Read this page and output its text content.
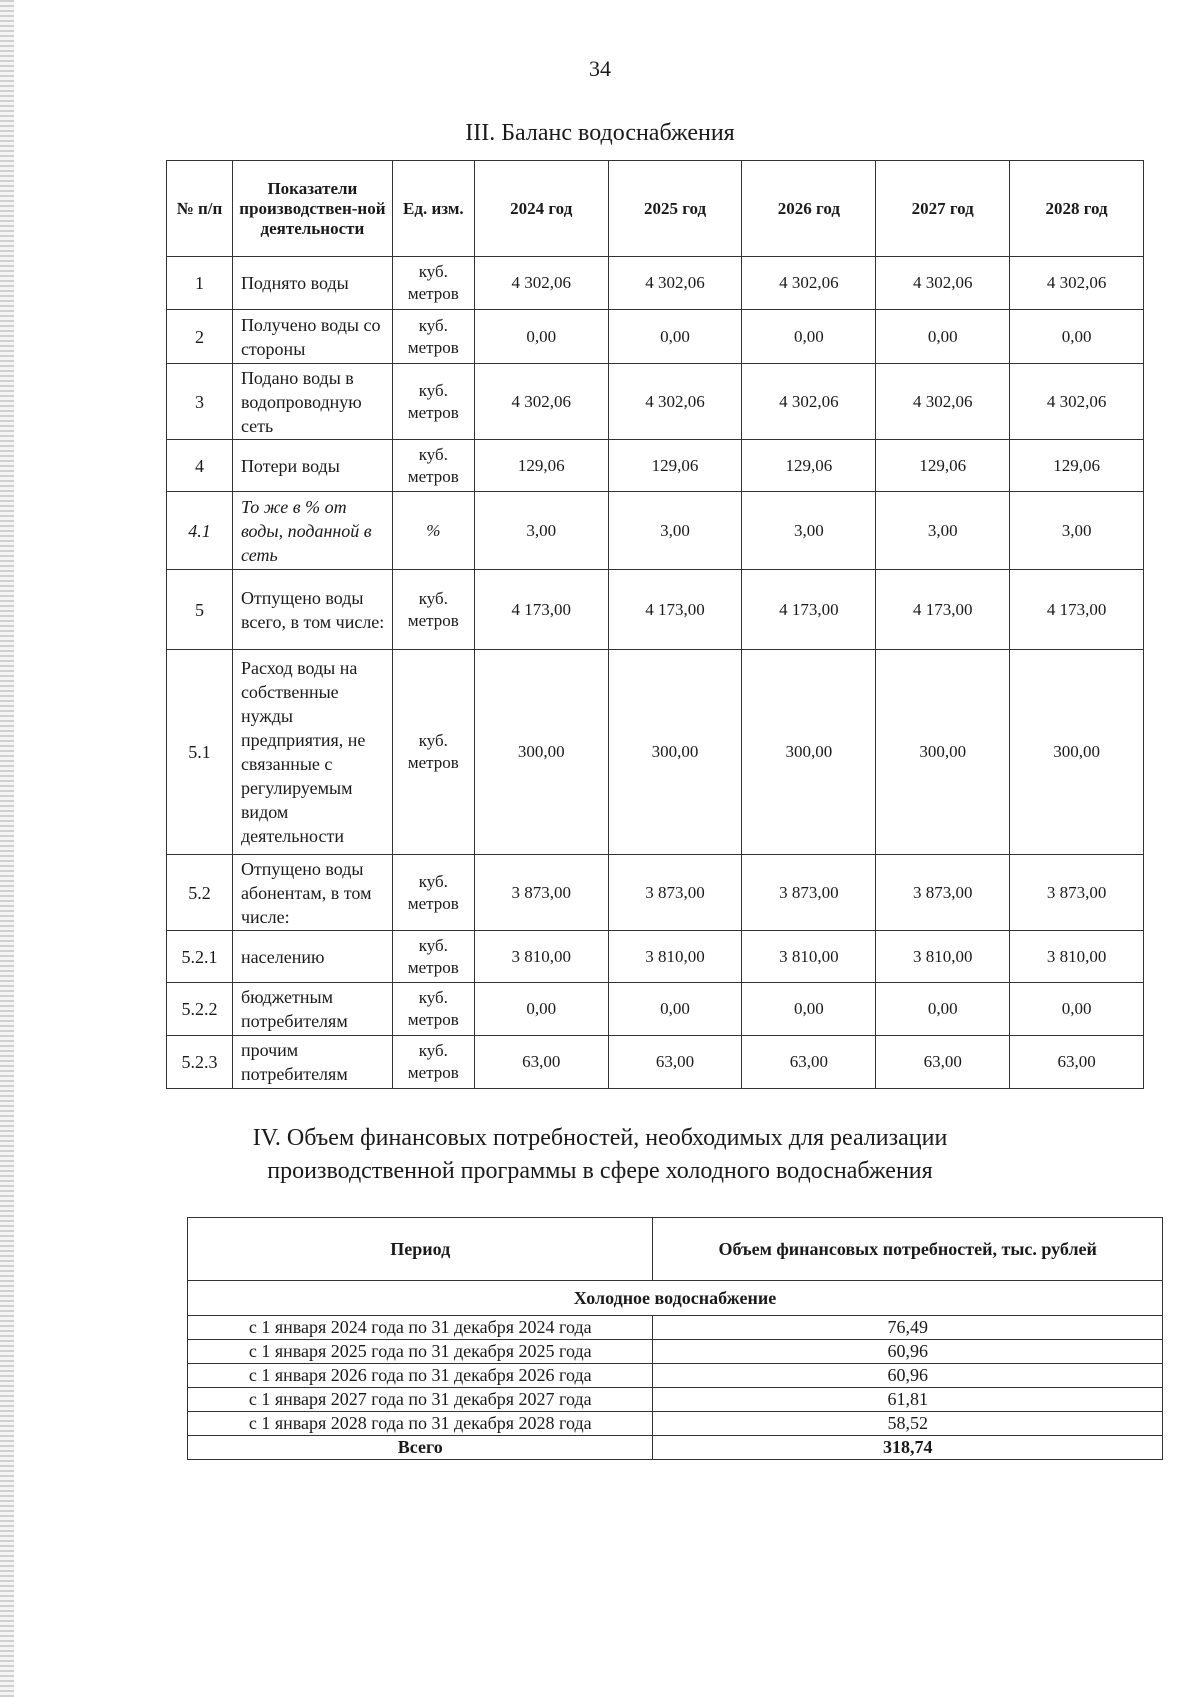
34
III. Баланс водоснабжения
№ п/п	Показатели производствен-ной деятельности	Ед. изм.	2024 год	2025 год	2026 год	2027 год	2028 год
1	Поднято воды	куб. метров	4 302,06	4 302,06	4 302,06	4 302,06	4 302,06
2	Получено воды со стороны	куб. метров	0,00	0,00	0,00	0,00	0,00
3	Подано воды в водопроводную сеть	куб. метров	4 302,06	4 302,06	4 302,06	4 302,06	4 302,06
4	Потери воды	куб. метров	129,06	129,06	129,06	129,06	129,06
4.1	То же в % от воды, поданной в сеть	%	3,00	3,00	3,00	3,00	3,00
5	Отпущено воды всего, в том числе:	куб. метров	4 173,00	4 173,00	4 173,00	4 173,00	4 173,00
5.1	Расход воды на собственные нужды предприятия, не связанные с регулируемым видом деятельности	куб. метров	300,00	300,00	300,00	300,00	300,00
5.2	Отпущено воды абонентам, в том числе:	куб. метров	3 873,00	3 873,00	3 873,00	3 873,00	3 873,00
5.2.1	населению	куб. метров	3 810,00	3 810,00	3 810,00	3 810,00	3 810,00
5.2.2	бюджетным потребителям	куб. метров	0,00	0,00	0,00	0,00	0,00
5.2.3	прочим потребителям	куб. метров	63,00	63,00	63,00	63,00	63,00
IV. Объем финансовых потребностей, необходимых для реализации
производственной программы в сфере холодного водоснабжения
Период	Объем финансовых потребностей, тыс. рублей
Холодное водоснабжение	
с 1 января 2024 года по 31 декабря 2024 года	76,49
с 1 января 2025 года по 31 декабря 2025 года	60,96
с 1 января 2026 года по 31 декабря 2026 года	60,96
с 1 января 2027 года по 31 декабря 2027 года	61,81
с 1 января 2028 года по 31 декабря 2028 года	58,52
Всего	318,74
